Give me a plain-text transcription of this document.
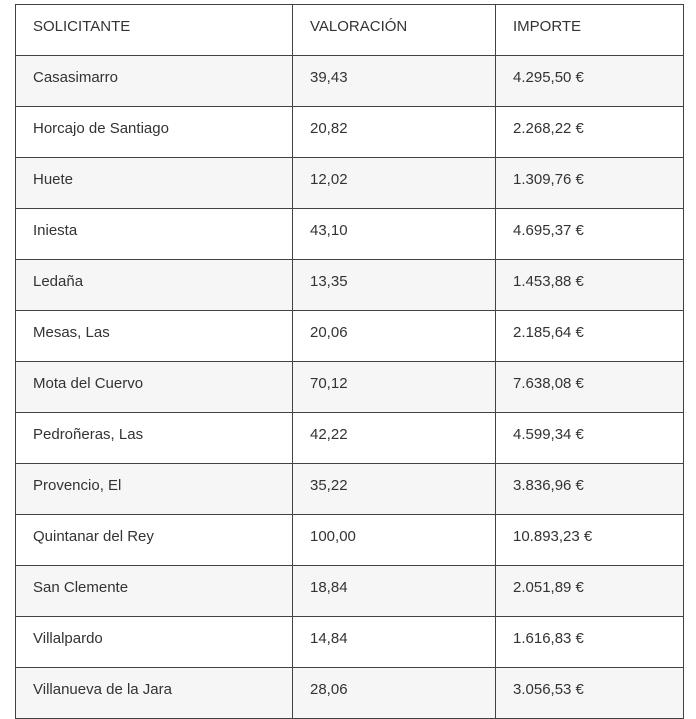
SOLICITANTE	VALORACIÓN	IMPORTE
Casasimarro	39,43	4.295,50 €
Horcajo de Santiago	20,82	2.268,22 €
Huete	12,02	1.309,76 €
Iniesta	43,10	4.695,37 €
Ledaña	13,35	1.453,88 €
Mesas, Las	20,06	2.185,64 €
Mota del Cuervo	70,12	7.638,08 €
Pedroñeras, Las	42,22	4.599,34 €
Provencio, El	35,22	3.836,96 €
Quintanar del Rey	100,00	10.893,23 €
San Clemente	18,84	2.051,89 €
Villalpardo	14,84	1.616,83 €
Villanueva de la Jara	28,06	3.056,53 €
